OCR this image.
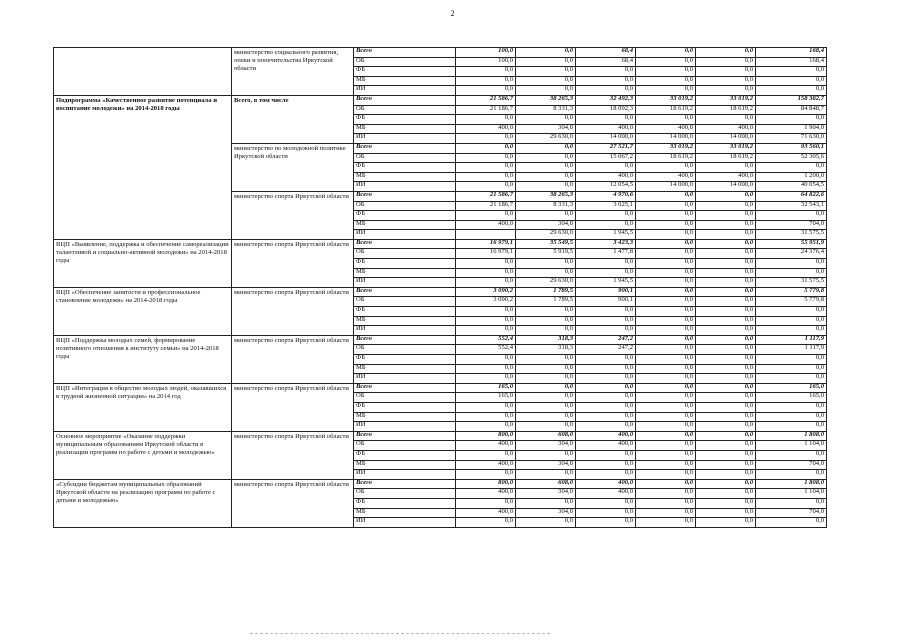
2
	министерство социального развития, опеки и попечительства Иркутской области	Всего	100,0	0,0	68,4	0,0	0,0	168,4
		ОБ	100,0	0,0	68,4	0,0	0,0	168,4
		ФБ	0,0	0,0	0,0	0,0	0,0	0,0
		МБ	0,0	0,0	0,0	0,0	0,0	0,0
		ИИ	0,0	0,0	0,0	0,0	0,0	0,0
Подпрограмма «Качественное развитие потенциала и воспитание молодежи» на 2014-2018 годы	Всего, в том числе	Всего	21 586,7	38 265,3	32 492,3	33 019,2	33 019,2	158 382,7
		ОБ	21 186,7	8 331,3	18 092,3	18 619,2	18 619,2	84 848,7
		ФБ	0,0	0,0	0,0	0,0	0,0	0,0
		МБ	400,0	304,0	400,0	400,0	400,0	1 904,0
		ИИ	0,0	29 630,0	14 000,0	14 000,0	14 000,0	71 630,0
	министерство по молодежной политике Иркутской области	Всего	0,0	0,0	27 521,7	33 019,2	33 019,2	93 560,1
		ОБ	0,0	0,0	15 067,2	18 619,2	18 619,2	52 305,6
		ФБ	0,0	0,0	0,0	0,0	0,0	0,0
		МБ	0,0	0,0	400,0	400,0	400,0	1 200,0
		ИИ	0,0	0,0	12 054,5	14 000,0	14 000,0	40 054,5
	министерство спорта Иркутской области	Всего	21 586,7	38 265,3	4 970,6	0,0	0,0	64 822,6
		ОБ	21 186,7	8 331,3	3 025,1	0,0	0,0	32 543,1
		ФБ	0,0	0,0	0,0	0,0	0,0	0,0
		МБ	400,0	304,0	0,0	0,0	0,0	704,0
		ИИ		29 630,0	1 945,5	0,0	0,0	31 575,5
ВЦП «Выявление, поддержка и обеспечение самореализации талантливой и социально-активной молодежи» на 2014-2018 годы	министерство спорта Иркутской области	Всего	16 979,1	35 549,5	3 423,3	0,0	0,0	55 951,9
		ОБ	16 979,1	5 919,5	1 477,8	0,0	0,0	24 376,4
		ФБ	0,0	0,0	0,0	0,0	0,0	0,0
		МБ	0,0	0,0	0,0	0,0	0,0	0,0
		ИИ	0,0	29 630,0	1 945,5	0,0	0,0	31 575,5
ВЦП «Обеспечение занятости и профессиональное становление молодежи» на 2014-2018 годы	министерство спорта Иркутской области	Всего	3 090,2	1 789,5	900,1	0,0	0,0	5 779,8
		ОБ	3 090,2	1 789,5	900,1	0,0	0,0	5 779,8
		ФБ	0,0	0,0	0,0	0,0	0,0	0,0
		МБ	0,0	0,0	0,0	0,0	0,0	0,0
		ИИ	0,0	0,0	0,0	0,0	0,0	0,0
ВЦП «Поддержка молодых семей, формирование позитивного отношения к институту семьи» на 2014-2018 годы	министерство спорта Иркутской области	Всего	552,4	318,3	247,2	0,0	0,0	1 117,9
		ОБ	552,4	318,3	247,2	0,0	0,0	1 117,9
		ФБ	0,0	0,0	0,0	0,0	0,0	0,0
		МБ	0,0	0,0	0,0	0,0	0,0	0,0
		ИИ	0,0	0,0	0,0	0,0	0,0	0,0
ВЦП «Интеграция в общество молодых людей, оказавшихся в трудной жизненной ситуации» на 2014 год	министерство спорта Иркутской области	Всего	165,0	0,0	0,0	0,0	0,0	165,0
		ОБ	165,0	0,0	0,0	0,0	0,0	165,0
		ФБ	0,0	0,0	0,0	0,0	0,0	0,0
		МБ	0,0	0,0	0,0	0,0	0,0	0,0
		ИИ	0,0	0,0	0,0	0,0	0,0	0,0
Основное мероприятие «Оказание поддержки муниципальным образованиям Иркутской области в реализации программ по работе с детьми и молодежью»	министерство спорта Иркутской области	Всего	800,0	608,0	400,0	0,0	0,0	1 808,0
		ОБ	400,0	304,0	400,0	0,0	0,0	1 104,0
		ФБ	0,0	0,0	0,0	0,0	0,0	0,0
		МБ	400,0	304,0	0,0	0,0	0,0	704,0
		ИИ	0,0	0,0	0,0	0,0	0,0	0,0
«Субсидии бюджетам муниципальных образований Иркутской области на реализацию программ по работе с детьми и молодежью»	министерство спорта Иркутской области	Всего	800,0	608,0	400,0	0,0	0,0	1 808,0
		ОБ	400,0	304,0	400,0	0,0	0,0	1 104,0
		ФБ	0,0	0,0	0,0	0,0	0,0	0,0
		МБ	400,0	304,0	0,0	0,0	0,0	704,0
		ИИ	0,0	0,0	0,0	0,0	0,0	0,0
